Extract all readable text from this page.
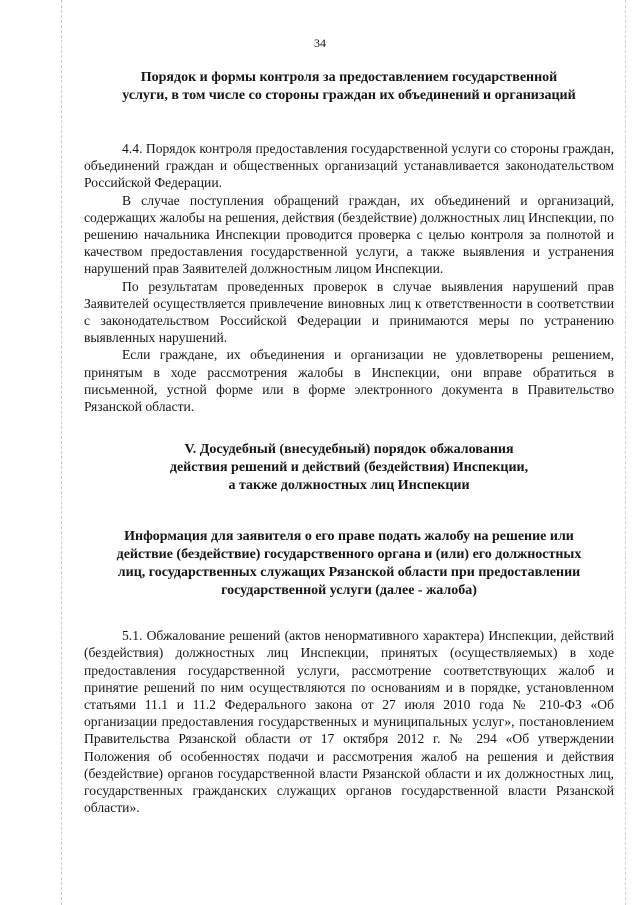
34
Порядок и формы контроля за предоставлением государственной
услуги, в том числе со стороны граждан их объединений и организаций

4.4. Порядок контроля предоставления государственной услуги со стороны граждан, объединений граждан и общественных организаций устанавливается законодательством Российской Федерации.

В случае поступления обращений граждан, их объединений и организаций, содержащих жалобы на решения, действия (бездействие) должностных лиц Инспекции, по решению начальника Инспекции проводится проверка с целью контроля за полнотой и качеством предоставления государственной услуги, а также выявления и устранения нарушений прав Заявителей должностным лицом Инспекции.

По результатам проведенных проверок в случае выявления нарушений прав Заявителей осуществляется привлечение виновных лиц к ответственности в соответствии с законодательством Российской Федерации и принимаются меры по устранению выявленных нарушений.

Если граждане, их объединения и организации не удовлетворены решением, принятым в ходе рассмотрения жалобы в Инспекции, они вправе обратиться в письменной, устной форме или в форме электронного документа в Правительство Рязанской области.

V. Досудебный (внесудебный) порядок обжалования
действия решений и действий (бездействия) Инспекции,
а также должностных лиц Инспекции
Информация для заявителя о его праве подать жалобу на решение или
действие (бездействие) государственного органа и (или) его должностных
лиц, государственных служащих Рязанской области при предоставлении
государственной услуги (далее - жалоба)

5.1. Обжалование решений (актов ненормативного характера) Инспекции, действий (бездействия) должностных лиц Инспекции, принятых (осуществляемых) в ходе предоставления государственной услуги, рассмотрение соответствующих жалоб и принятие решений по ним осуществляются по основаниям и в порядке, установленном статьями 11.1 и 11.2 Федерального закона от 27 июля 2010 года № 210-ФЗ «Об организации предоставления государственных и муниципальных услуг», постановлением Правительства Рязанской области от 17 октября 2012 г. № 294 «Об утверждении Положения об особенностях подачи и рассмотрения жалоб на решения и действия (бездействие) органов государственной власти Рязанской области и их должностных лиц, государственных гражданских служащих органов государственной власти Рязанской области».
